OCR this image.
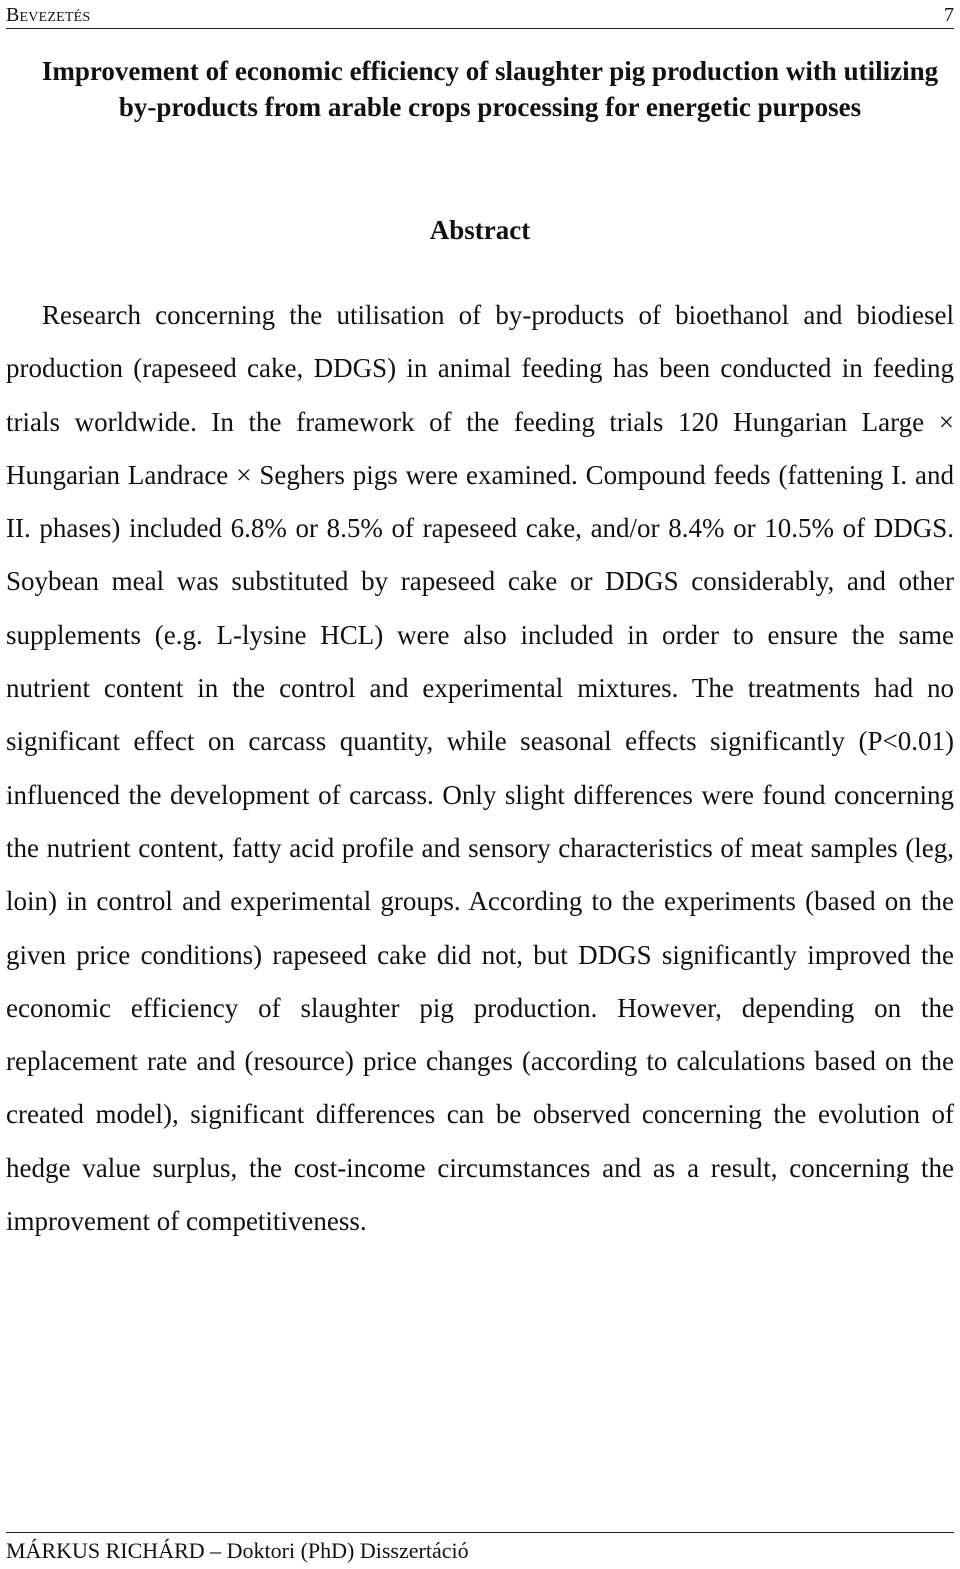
Bevezetés	7
Improvement of economic efficiency of slaughter pig production with utilizing by-products from arable crops processing for energetic purposes
Abstract

Research concerning the utilisation of by-products of bioethanol and biodiesel production (rapeseed cake, DDGS) in animal feeding has been conducted in feeding trials worldwide. In the framework of the feeding trials 120 Hungarian Large × Hungarian Landrace × Seghers pigs were examined. Compound feeds (fattening I. and II. phases) included 6.8% or 8.5% of rapeseed cake, and/or 8.4% or 10.5% of DDGS. Soybean meal was substituted by rapeseed cake or DDGS considerably, and other supplements (e.g. L-lysine HCL) were also included in order to ensure the same nutrient content in the control and experimental mixtures. The treatments had no significant effect on carcass quantity, while seasonal effects significantly (P<0.01) influenced the development of carcass. Only slight differences were found concerning the nutrient content, fatty acid profile and sensory characteristics of meat samples (leg, loin) in control and experimental groups. According to the experiments (based on the given price conditions) rapeseed cake did not, but DDGS significantly improved the economic efficiency of slaughter pig production. However, depending on the replacement rate and (resource) price changes (according to calculations based on the created model), significant differences can be observed concerning the evolution of hedge value surplus, the cost-income circumstances and as a result, concerning the improvement of competitiveness.

MÁRKUS RICHÁRD – Doktori (PhD) Disszertáció
